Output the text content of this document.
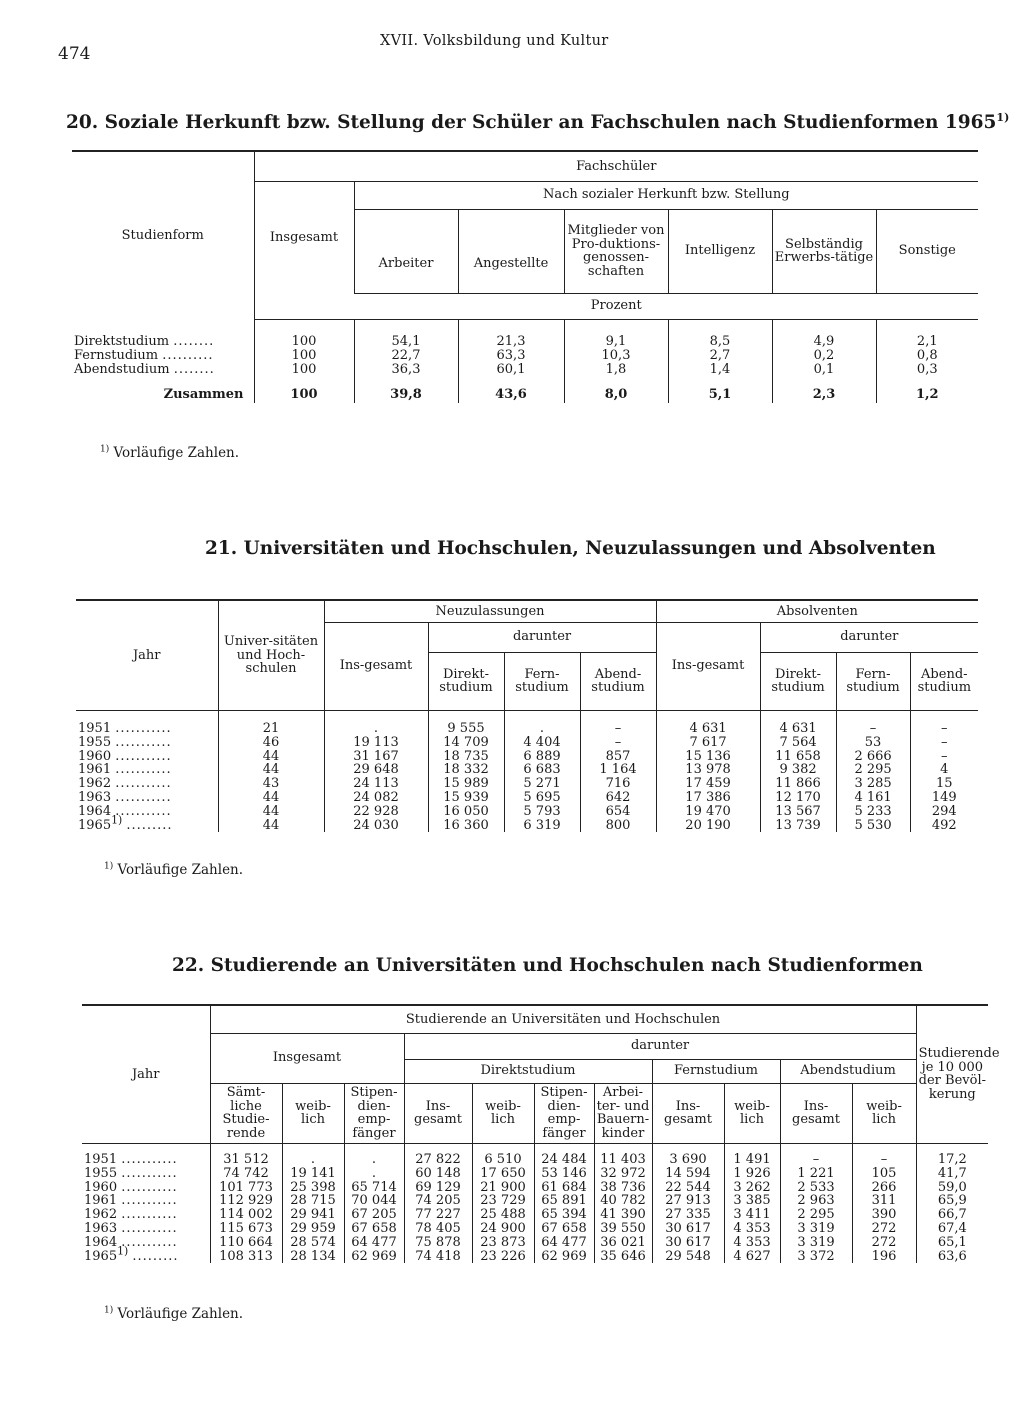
474
XVII. Volksbildung und Kultur
20. Soziale Herkunft bzw. Stellung der Schüler an Fachschulen nach Studienformen 1965$^{1)}$
Studienform	Fachschüler						
	Insgesamt	Nach sozialer Herkunft bzw. Stellung					
		Arbeiter	Angestellte	Mitglieder von Pro-duktions-genossen-schaften	Intelligenz	Selbständig Erwerbs-tätige	Sonstige
	Prozent						

Direktstudium ........	100	54,1	21,3	9,1	8,5	4,9	2,1
Fernstudium ..........	100	22,7	63,3	10,3	2,7	0,2	0,8
Abendstudium ........	100	36,3	60,1	1,8	1,4	0,1	0,3

Zusammen	100	39,8	43,6	8,0	5,1	2,3	1,2
$^{1)}$ Vorläufige Zahlen.
21. Universitäten und Hochschulen, Neuzulassungen und Absolventen
Jahr	Univer-sitäten und Hoch-schulen	Neuzulassungen				Absolventen			
		Ins-gesamt	darunter			Ins-gesamt	darunter		
			Direkt-studium	Fern-studium	Abend-studium		Direkt-studium	Fern-studium	Abend-studium

1951 ...........	21	.	9 555	.	–	4 631	4 631	–	–
1955 ...........	46	19 113	14 709	4 404	–	7 617	7 564	53	–
1960 ...........	44	31 167	18 735	6 889	857	15 136	11 658	2 666	–
1961 ...........	44	29 648	18 332	6 683	1 164	13 978	9 382	2 295	4
1962 ...........	43	24 113	15 989	5 271	716	17 459	11 866	3 285	15
1963 ...........	44	24 082	15 939	5 695	642	17 386	12 170	4 161	149
1964 ...........	44	22 928	16 050	5 793	654	19 470	13 567	5 233	294
1965$^{1)}$ .........	44	24 030	16 360	6 319	800	20 190	13 739	5 530	492
$^{1)}$ Vorläufige Zahlen.
22. Studierende an Universitäten und Hochschulen nach Studienformen
Jahr	Studierende an Universitäten und Hochschulen											Studierende je 10 000 der Bevöl-kerung
	Insgesamt			darunter								
				Direktstudium				Fernstudium		Abendstudium		
	Sämt-liche Studie-rende	weib-lich	Stipen-dien-emp-fänger	Ins-gesamt	weib-lich	Stipen-dien-emp-fänger	Arbei-ter- und Bauern-kinder	Ins-gesamt	weib-lich	Ins-gesamt	weib-lich	

1951 ...........	31 512	.	.	27 822	6 510	24 484	11 403	3 690	1 491	–	–	17,2
1955 ...........	74 742	19 141	.	60 148	17 650	53 146	32 972	14 594	1 926	1 221	105	41,7
1960 ...........	101 773	25 398	65 714	69 129	21 900	61 684	38 736	22 544	3 262	2 533	266	59,0
1961 ...........	112 929	28 715	70 044	74 205	23 729	65 891	40 782	27 913	3 385	2 963	311	65,9
1962 ...........	114 002	29 941	67 205	77 227	25 488	65 394	41 390	27 335	3 411	2 295	390	66,7
1963 ...........	115 673	29 959	67 658	78 405	24 900	67 658	39 550	30 617	4 353	3 319	272	67,4
1964 ...........	110 664	28 574	64 477	75 878	23 873	64 477	36 021	30 617	4 353	3 319	272	65,1
1965$^{1)}$ .........	108 313	28 134	62 969	74 418	23 226	62 969	35 646	29 548	4 627	3 372	196	63,6
$^{1)}$ Vorläufige Zahlen.
